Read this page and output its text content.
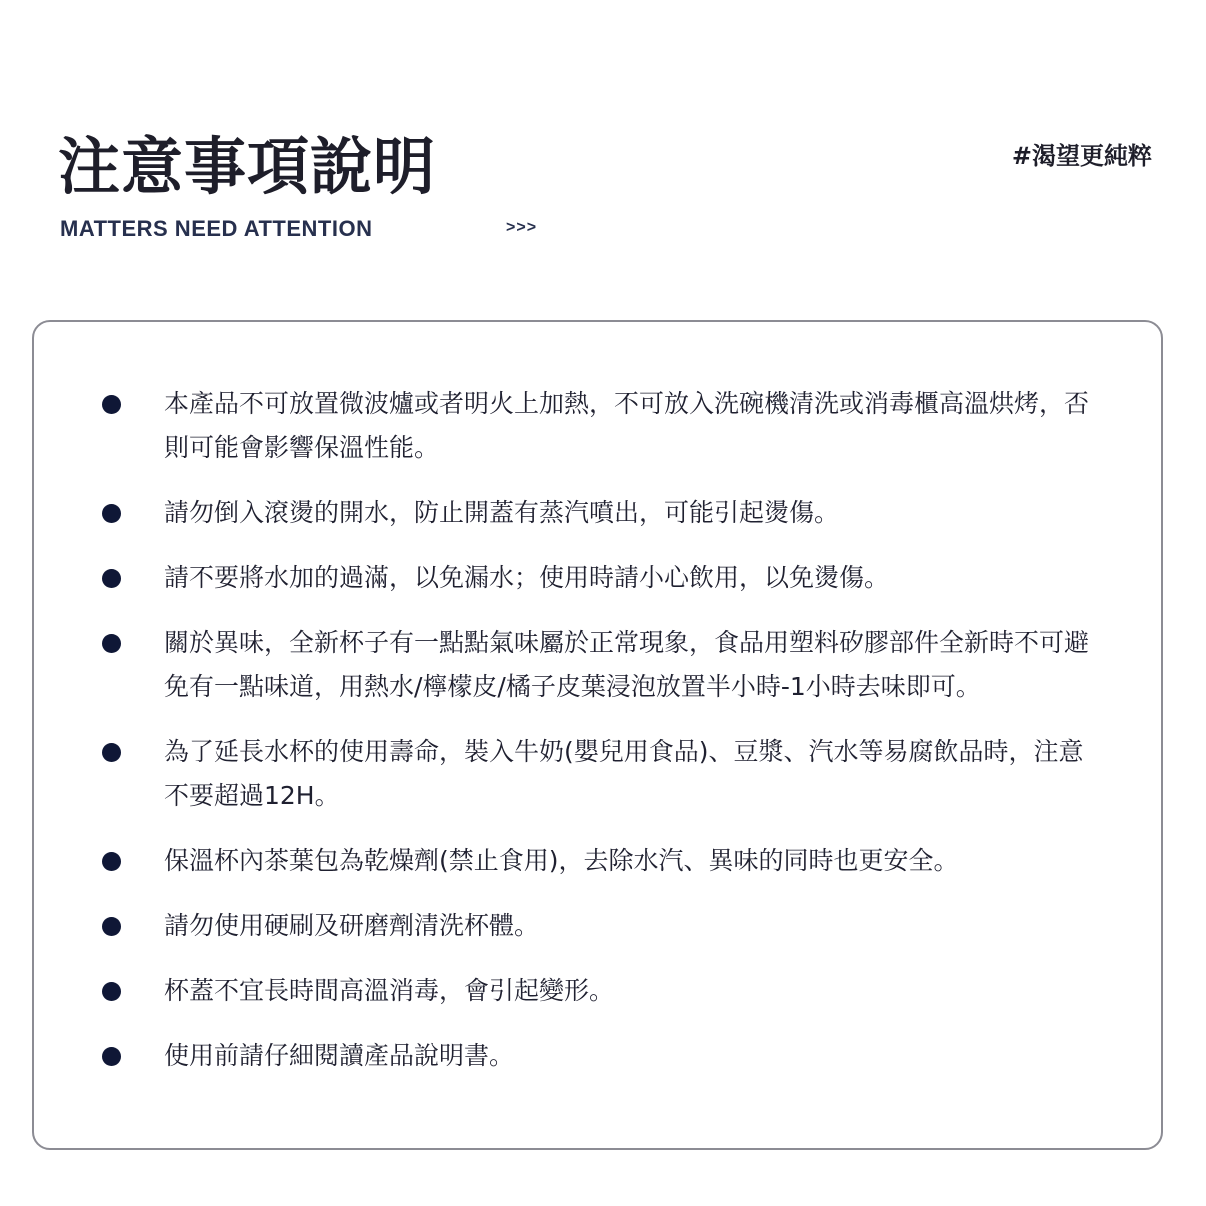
注意事項說明
MATTERS NEED ATTENTION	>>>
#渴望更純粹
本產品不可放置微波爐或者明火上加熱，不可放入洗碗機清洗或消毒櫃高溫烘烤，否則可能會影響保溫性能。
請勿倒入滾燙的開水，防止開蓋有蒸汽噴出，可能引起燙傷。
請不要將水加的過滿，以免漏水；使用時請小心飲用，以免燙傷。
關於異味，全新杯子有一點點氣味屬於正常現象，食品用塑料矽膠部件全新時不可避免有一點味道，用熱水/檸檬皮/橘子皮葉浸泡放置半小時-1小時去味即可。
為了延長水杯的使用壽命，裝入牛奶(嬰兒用食品)、豆漿、汽水等易腐飲品時，注意不要超過12H。
保溫杯內茶葉包為乾燥劑(禁止食用)，去除水汽、異味的同時也更安全。
請勿使用硬刷及研磨劑清洗杯體。
杯蓋不宜長時間高溫消毒，會引起變形。
使用前請仔細閱讀產品說明書。
